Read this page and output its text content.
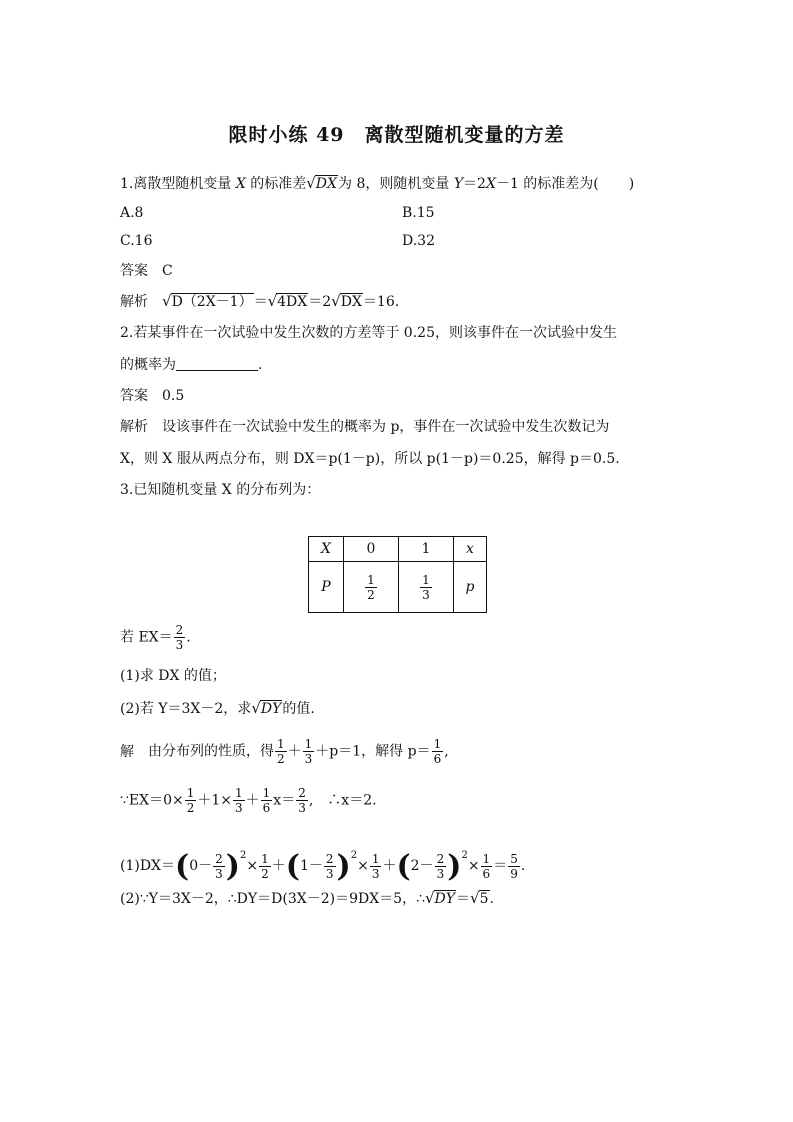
限时小练 49　离散型随机变量的方差
1.离散型随机变量 X 的标准差√DX为 8，则随机变量 Y＝2X－1 的标准差为( )
A.8	B.15
C.16	D.32
答案 C
解析 √D（2X－1）＝√4DX＝2√DX＝16.
2.若某事件在一次试验中发生次数的方差等于 0.25，则该事件在一次试验中发生
的概率为	.
答案 0.5
解析 设该事件在一次试验中发生的概率为 p，事件在一次试验中发生次数记为
X，则 X 服从两点分布，则 DX＝p(1－p)，所以 p(1－p)＝0.25，解得 p＝0.5.
3.已知随机变量 X 的分布列为：
X	0	1	x
P	$\frac{1}{2}$	$\frac{1}{3}$	p
若 $EX= \frac{2}{3}$ .
(1)求 DX 的值；
(2)若 Y＝3X－2，求√DY的值.
解 由分布列的性质，得 $\frac{1}{2} + \frac{1}{3} +p=1$，解得 $p= \frac{1}{6}$ ,
∵EX＝0× $\frac{1}{2} +1\times \frac{1}{3} + \frac{1}{6} x= \frac{2}{3}$ ,　∴x＝2.
$(1)DX=(0- \frac{2}{3} )^2\times \frac{1}{2} +(1- \frac{2}{3} )^2\times \frac{1}{3} +(2- \frac{2}{3} )^2\times \frac{1}{6} = \frac{5}{9}$ .
(2)∵Y＝3X－2，∴DY＝D(3X－2)＝9DX＝5，∴√DY＝√5.
